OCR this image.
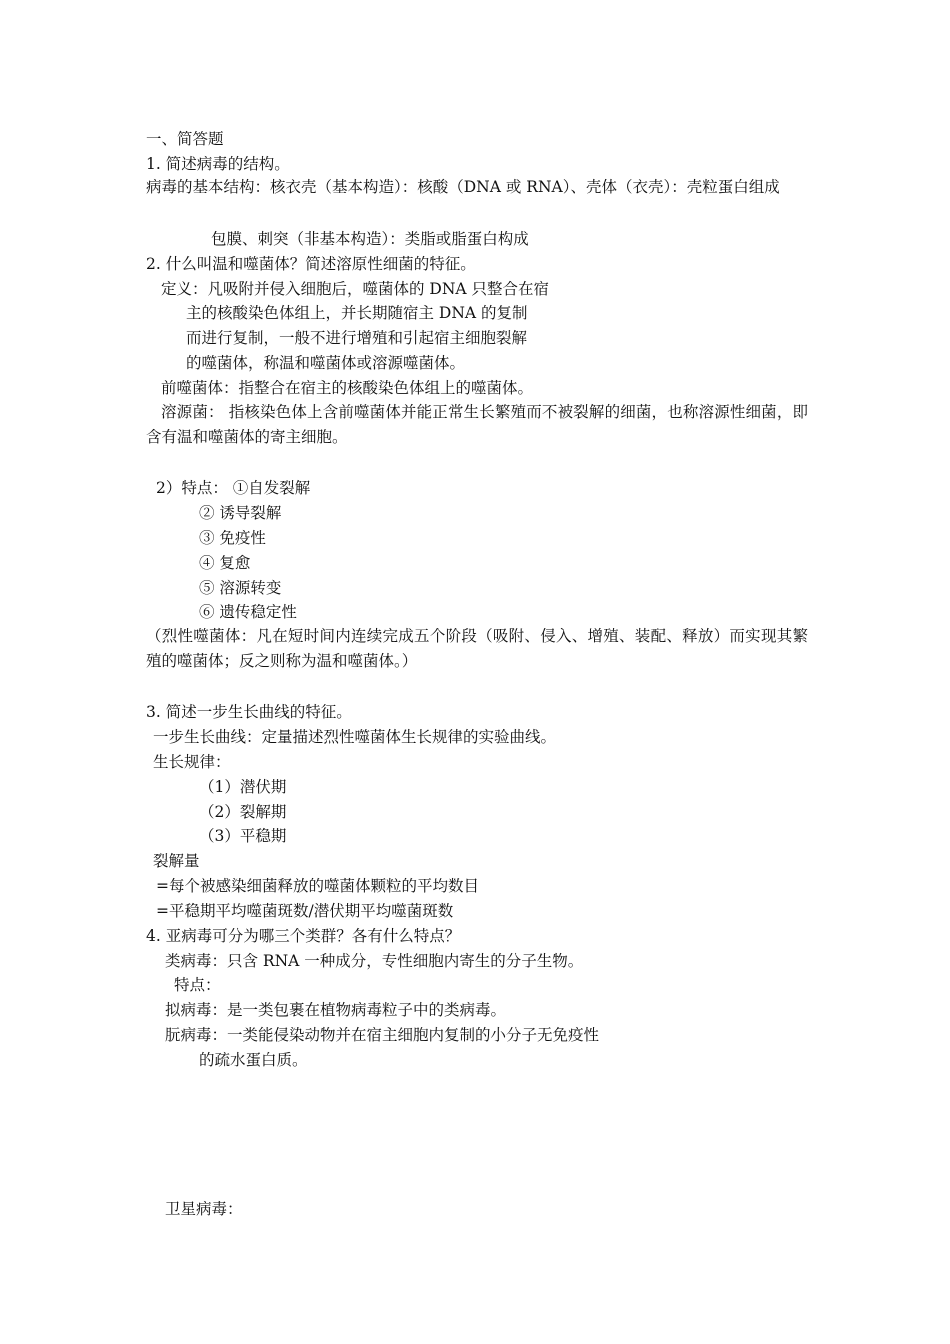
一、简答题
1. 简述病毒的结构。
病毒的基本结构：核衣壳（基本构造）：核酸（DNA 或 RNA）、壳体（衣壳）：壳粒蛋白组成
包膜、刺突（非基本构造）：类脂或脂蛋白构成
2. 什么叫温和噬菌体？简述溶原性细菌的特征。
定义：凡吸附并侵入细胞后，噬菌体的 DNA 只整合在宿
主的核酸染色体组上，并长期随宿主 DNA 的复制
而进行复制，一般不进行增殖和引起宿主细胞裂解
的噬菌体，称温和噬菌体或溶源噬菌体。
前噬菌体：指整合在宿主的核酸染色体组上的噬菌体。
溶源菌： 指核染色体上含前噬菌体并能正常生长繁殖而不被裂解的细菌，也称溶源性细菌，即含有温和噬菌体的寄主细胞。
2）特点： ①自发裂解
② 诱导裂解
③ 免疫性
④ 复愈
⑤ 溶源转变
⑥ 遗传稳定性
（烈性噬菌体：凡在短时间内连续完成五个阶段（吸附、侵入、增殖、装配、释放）而实现其繁殖的噬菌体；反之则称为温和噬菌体。）
3. 简述一步生长曲线的特征。
一步生长曲线：定量描述烈性噬菌体生长规律的实验曲线。
生长规律：
（1）潜伏期
（2）裂解期
（3）平稳期
裂解量
=每个被感染细菌释放的噬菌体颗粒的平均数目
=平稳期平均噬菌斑数/潜伏期平均噬菌斑数
4. 亚病毒可分为哪三个类群？各有什么特点？
类病毒：只含 RNA 一种成分，专性细胞内寄生的分子生物。
特点：
拟病毒：是一类包裹在植物病毒粒子中的类病毒。
朊病毒：一类能侵染动物并在宿主细胞内复制的小分子无免疫性
的疏水蛋白质。
卫星病毒：
